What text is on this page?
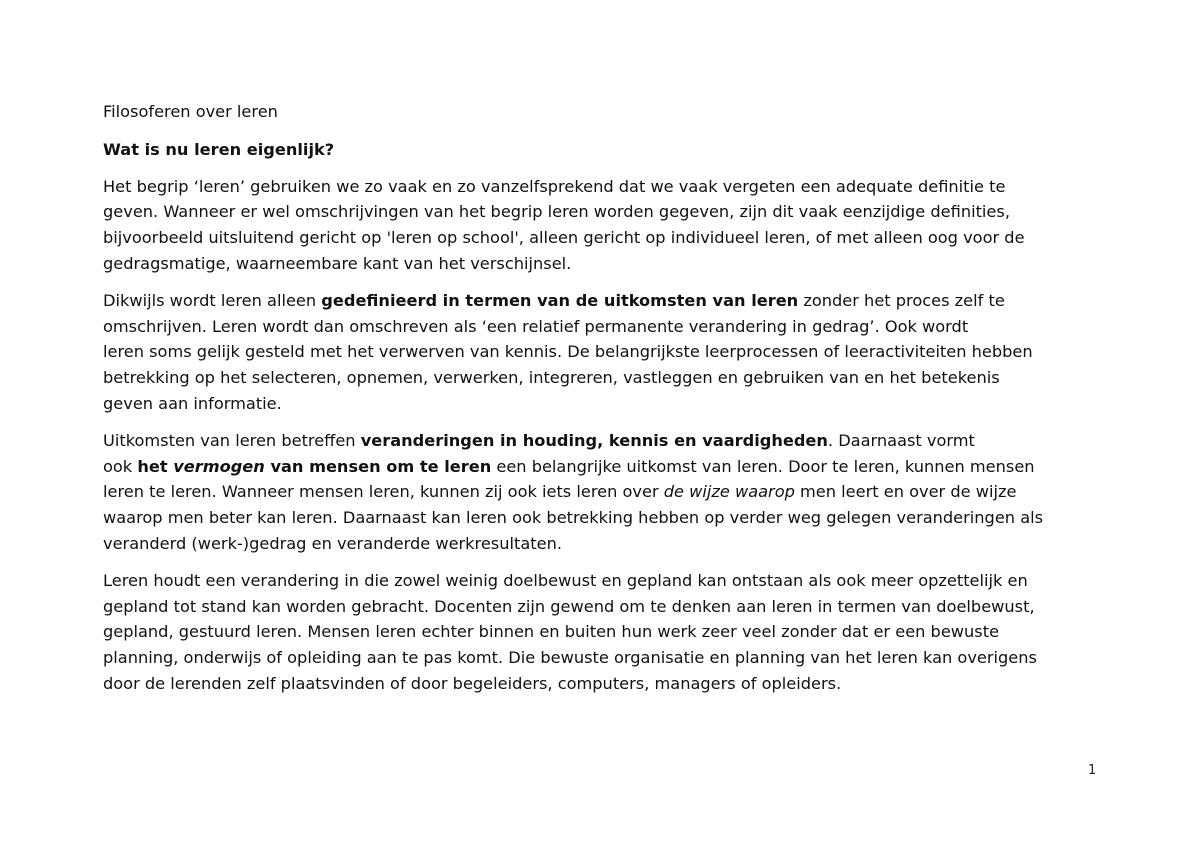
Filosoferen over leren

Wat is nu leren eigenlijk?

Het begrip ‘leren’ gebruiken we zo vaak en zo vanzelfsprekend dat we vaak vergeten een adequate definitie te
geven. Wanneer er wel omschrijvingen van het begrip leren worden gegeven, zijn dit vaak eenzijdige definities,
bijvoorbeeld uitsluitend gericht op 'leren op school', alleen gericht op individueel leren, of met alleen oog voor de
gedragsmatige, waarneembare kant van het verschijnsel.

Dikwijls wordt leren alleen gedefinieerd in termen van de uitkomsten van leren zonder het proces zelf te
omschrijven. Leren wordt dan omschreven als ‘een relatief permanente verandering in gedrag’. Ook wordt
leren soms gelijk gesteld met het verwerven van kennis. De belangrijkste leerprocessen of leeractiviteiten hebben
betrekking op het selecteren, opnemen, verwerken, integreren, vastleggen en gebruiken van en het betekenis
geven aan informatie.

Uitkomsten van leren betreffen veranderingen in houding, kennis en vaardigheden. Daarnaast vormt
ook het vermogen van mensen om te leren een belangrijke uitkomst van leren. Door te leren, kunnen mensen
leren te leren. Wanneer mensen leren, kunnen zij ook iets leren over de wijze waarop men leert en over de wijze
waarop men beter kan leren. Daarnaast kan leren ook betrekking hebben op verder weg gelegen veranderingen als
veranderd (werk-)gedrag en veranderde werkresultaten.

Leren houdt een verandering in die zowel weinig doelbewust en gepland kan ontstaan als ook meer opzettelijk en
gepland tot stand kan worden gebracht. Docenten zijn gewend om te denken aan leren in termen van doelbewust,
gepland, gestuurd leren. Mensen leren echter binnen en buiten hun werk zeer veel zonder dat er een bewuste
planning, onderwijs of opleiding aan te pas komt. Die bewuste organisatie en planning van het leren kan overigens
door de lerenden zelf plaatsvinden of door begeleiders, computers, managers of opleiders.

1
